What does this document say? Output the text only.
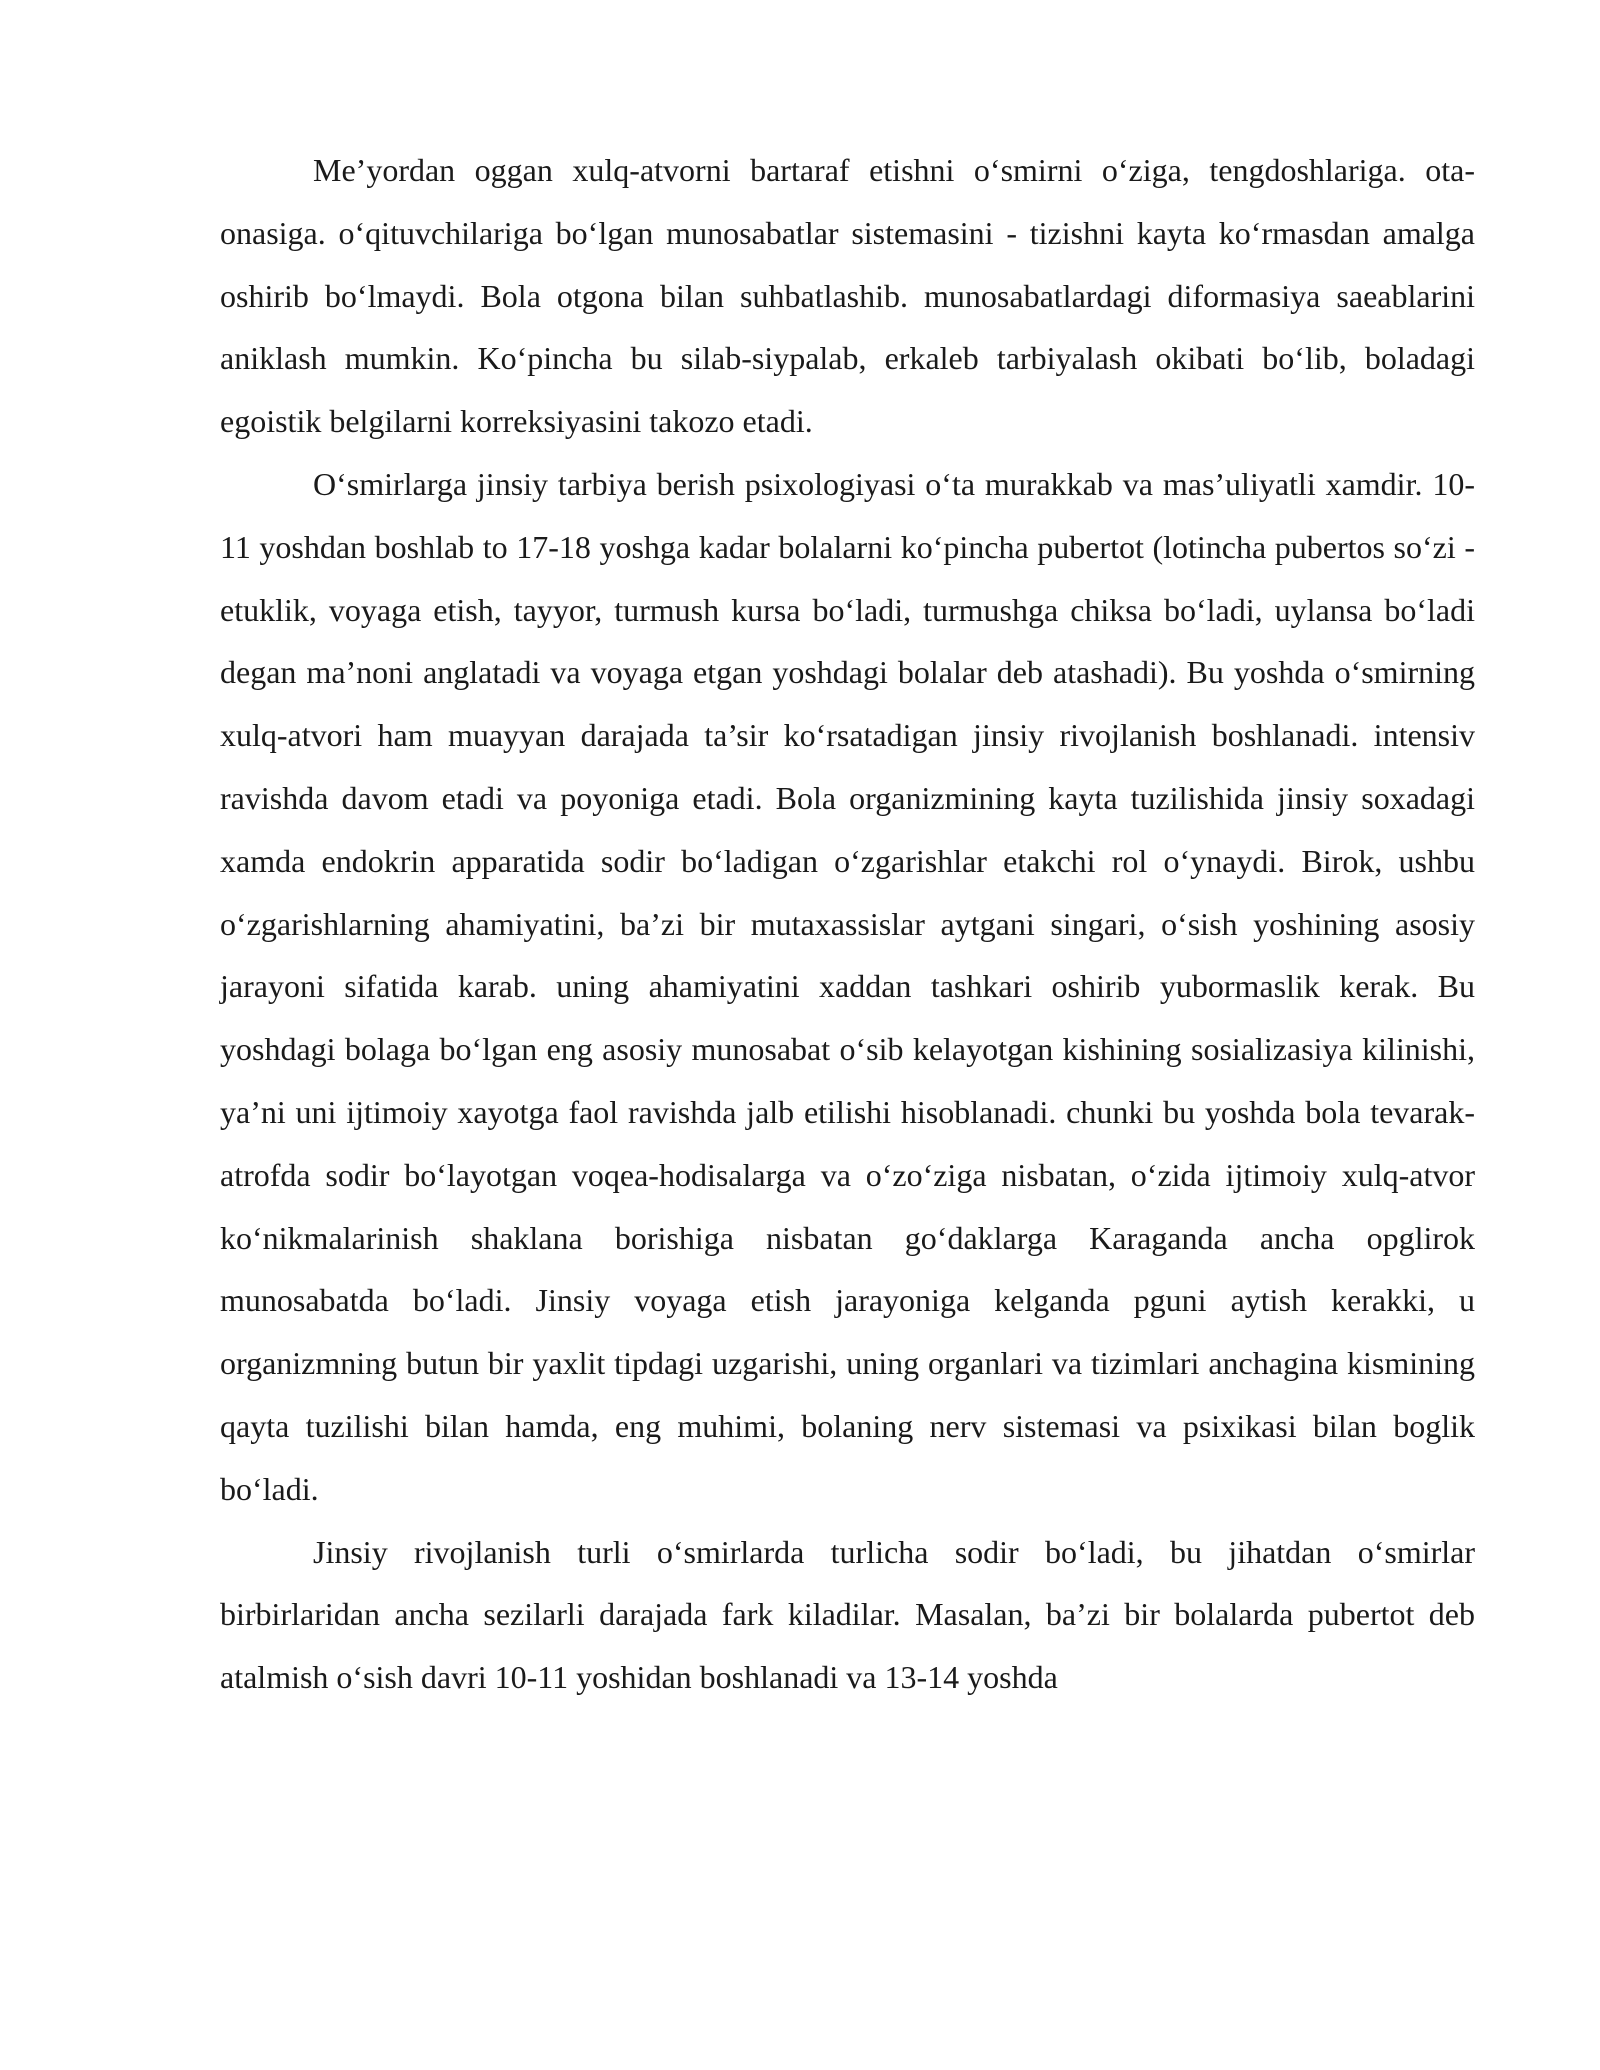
Me’yordan oggan xulq-atvorni bartaraf etishni o‘smirni o‘ziga, tengdoshlariga. ota-onasiga. o‘qituvchilariga bo‘lgan munosabatlar sistemasini - tizishni kayta ko‘rmasdan amalga oshirib bo‘lmaydi. Bola otgona bilan suhbatlashib. munosabatlardagi diformasiya saeablarini aniklash mumkin. Ko‘pincha bu silab-siypalab, erkaleb tarbiyalash okibati bo‘lib, boladagi egoistik belgilarni korreksiyasini takozo etadi.

O‘smirlarga jinsiy tarbiya berish psixologiyasi o‘ta murakkab va mas’uliyatli xamdir. 10-11 yoshdan boshlab to 17-18 yoshga kadar bolalarni ko‘pincha pubertot (lotincha pubertos so‘zi - etuklik, voyaga etish, tayyor, turmush kursa bo‘ladi, turmushga chiksa bo‘ladi, uylansa bo‘ladi degan ma’noni anglatadi va voyaga etgan yoshdagi bolalar deb atashadi). Bu yoshda o‘smirning xulq-atvori ham muayyan darajada ta’sir ko‘rsatadigan jinsiy rivojlanish boshlanadi. intensiv ravishda davom etadi va poyoniga etadi. Bola organizmining kayta tuzilishida jinsiy soxadagi xamda endokrin apparatida sodir bo‘ladigan o‘zgarishlar etakchi rol o‘ynaydi. Birok, ushbu o‘zgarishlarning ahamiyatini, ba’zi bir mutaxassislar aytgani singari, o‘sish yoshining asosiy jarayoni sifatida karab. uning ahamiyatini xaddan tashkari oshirib yubormaslik kerak. Bu yoshdagi bolaga bo‘lgan eng asosiy munosabat o‘sib kelayotgan kishining sosializasiya kilinishi, ya’ni uni ijtimoiy xayotga faol ravishda jalb etilishi hisoblanadi. chunki bu yoshda bola tevarak-atrofda sodir bo‘layotgan voqea-hodisalarga va o‘zo‘ziga nisbatan, o‘zida ijtimoiy xulq-atvor ko‘nikmalarinish shaklana borishiga nisbatan go‘daklarga Karaganda ancha opglirok munosabatda bo‘ladi. Jinsiy voyaga etish jarayoniga kelganda pguni aytish kerakki, u organizmning butun bir yaxlit tipdagi uzgarishi, uning organlari va tizimlari anchagina kismining qayta tuzilishi bilan hamda, eng muhimi, bolaning nerv sistemasi va psixikasi bilan boglik bo‘ladi.

Jinsiy rivojlanish turli o‘smirlarda turlicha sodir bo‘ladi, bu jihatdan o‘smirlar birbirlaridan ancha sezilarli darajada fark kiladilar. Masalan, ba’zi bir bolalarda pubertot deb atalmish o‘sish davri 10-11 yoshidan boshlanadi va 13-14 yoshda
